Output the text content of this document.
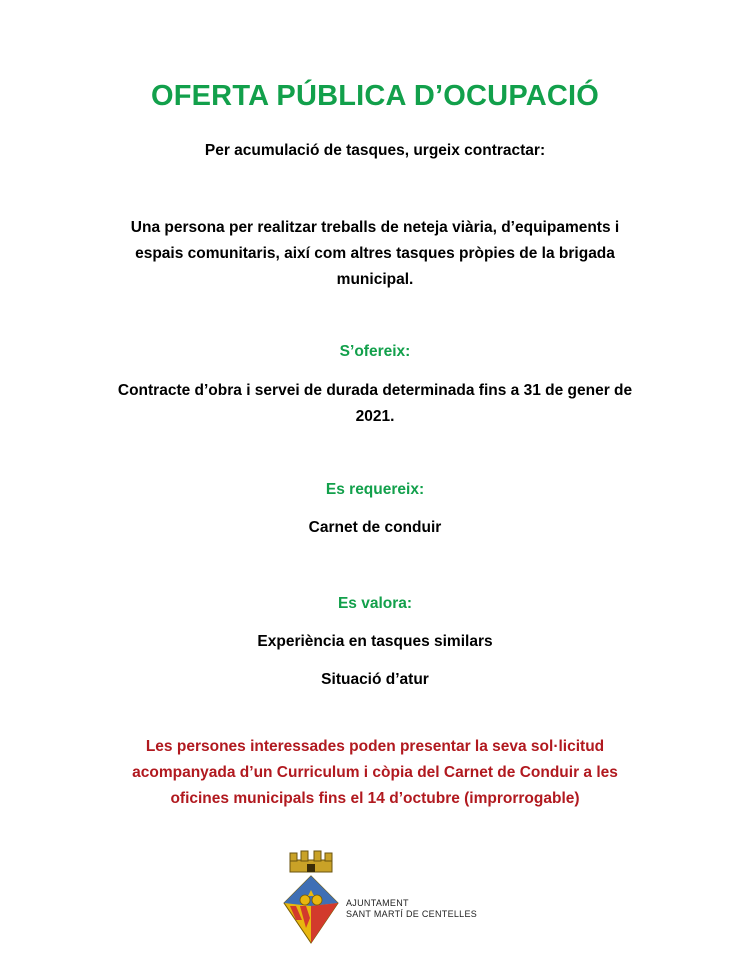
OFERTA PÚBLICA D’OCUPACIÓ
Per acumulació de tasques, urgeix contractar:
Una persona per realitzar treballs de neteja viària, d’equipaments i espais comunitaris, així com altres tasques pròpies de la brigada municipal.
S’ofereix:
Contracte d’obra i servei de durada determinada fins a 31 de gener de 2021.
Es requereix:
Carnet de conduir
Es valora:
Experiència en tasques similars
Situació d’atur
Les persones interessades poden presentar la seva sol·licitud acompanyada d’un Curriculum i còpia del Carnet de Conduir a les oficines municipals fins el 14 d’octubre (improrrogable)
AJUNTAMENT
SANT MARTÍ DE CENTELLES
